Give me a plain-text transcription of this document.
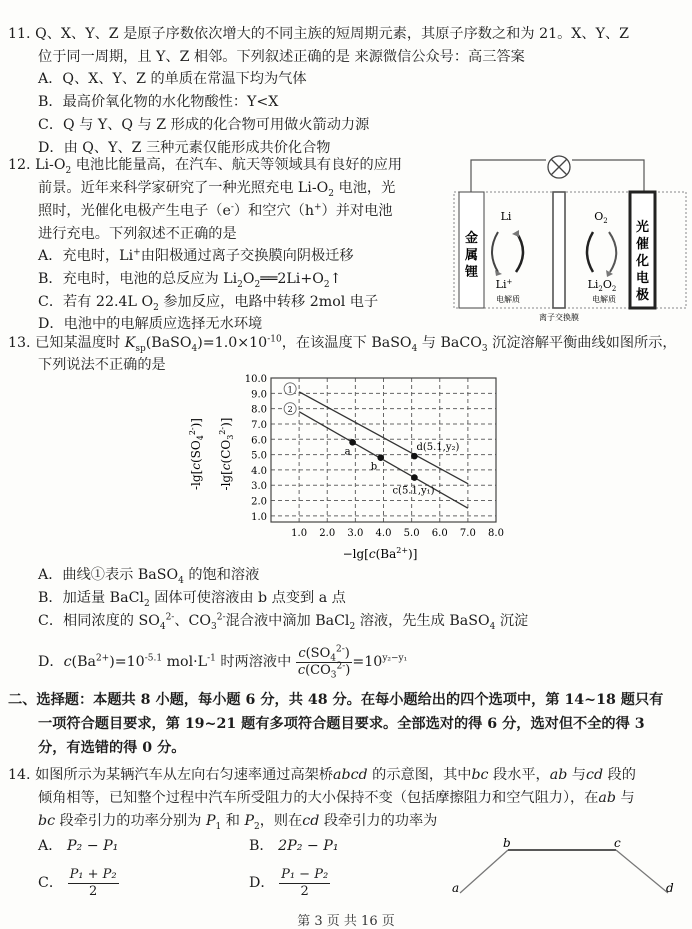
11. Q、X、Y、Z 是原子序数依次增大的不同主族的短周期元素，其原子序数之和为 21。X、Y、Z
位于同一周期，且 Y、Z 相邻。下列叙述正确的是 来源微信公众号：高三答案
A．Q、X、Y、Z 的单质在常温下均为气体
B．最高价氧化物的水化物酸性：Y<X
C．Q 与 Y、Q 与 Z 形成的化合物可用做火箭动力源
D．由 Q、Y、Z 三种元素仅能形成共价化合物
12. $Li-O_2$ 电池比能量高，在汽车、航天等领域具有良好的应用
前景。近年来科学家研究了一种光照充电 $Li-O_2$ 电池，光
照时，光催化电极产生电子（e-）和空穴（h+）并对电池
进行充电。下列叙述不正确的是
A．充电时，Li+由阳极通过离子交换膜向阴极迁移
B．充电时，电池的总反应为 $Li_2O_2══2Li+O_2↑$
C．若有 22.4L $O_2$ 参加反应，电路中转移 2mol 电子
D．电池中的电解质应选择无水环境
金
属
锂
光
催
化
电
极
Li
Li+
电解质
$O_2$
$Li_2O_2$
电解质
离子交换膜
13. 已知某温度时 $K_{sp}(BaSO_4)=1.0\times 10^{-10}$，在该温度下 BaSO$_4$ 与 BaCO$_3$ 沉淀溶解平衡曲线如图所示，
下列说法不正确的是
1.0
2.0
3.0
4.0
5.0
6.0
7.0
8.0
9.0
10.0
1.0 2.0 3.0 4.0 5.0 6.0 7.0 8.0
1
2
a
b
d(5.1,y₂)
c(5.1,y₁)
$-\lg[c(SO_4^{2-})]$
$-\lg[c(CO_3^{2-})]$
$-\lg[c(Ba^{2+})]$
A．曲线①表示 BaSO$_4$ 的饱和溶液
B．加适量 BaCl$_2$ 固体可使溶液由 b 点变到 a 点
C．相同浓度的 $SO_4^{2-}$、$CO_3^{2-}$混合液中滴加 BaCl$_2$ 溶液，先生成 BaSO$_4$ 沉淀
D．$c(Ba^{2+})=10^{-5.1}$ $mol\cdot L^{-1}$ 时两溶液中 $\frac{c(SO_4^{2-})}{c(CO_3^{2-})} =10^{y_2-y_1}$
二、选择题：本题共 8 小题，每小题 6 分，共 48 分。在每小题给出的四个选项中，第 14~18 题只有
一项符合题目要求，第 19~21 题有多项符合题目要求。全部选对的得 6 分，选对但不全的得 3
分，有选错的得 0 分。
14. 如图所示为某辆汽车从左向右匀速率通过高架桥abcd 的示意图，其中bc 段水平，ab 与cd 段的
倾角相等，已知整个过程中汽车所受阻力的大小保持不变（包括摩擦阻力和空气阻力），在ab 与
bc 段牵引力的功率分别为 $P_1$ 和 $P_2$，则在cd 段牵引力的功率为
A． P₂ − P₁	B． 2P₂ − P₁
C． $\frac{\text{P₁ + P₂}}{2}$	D． $\frac{\text{P₁ − P₂}}{2}$	a
b	c
d
第 3 页 共 16 页
